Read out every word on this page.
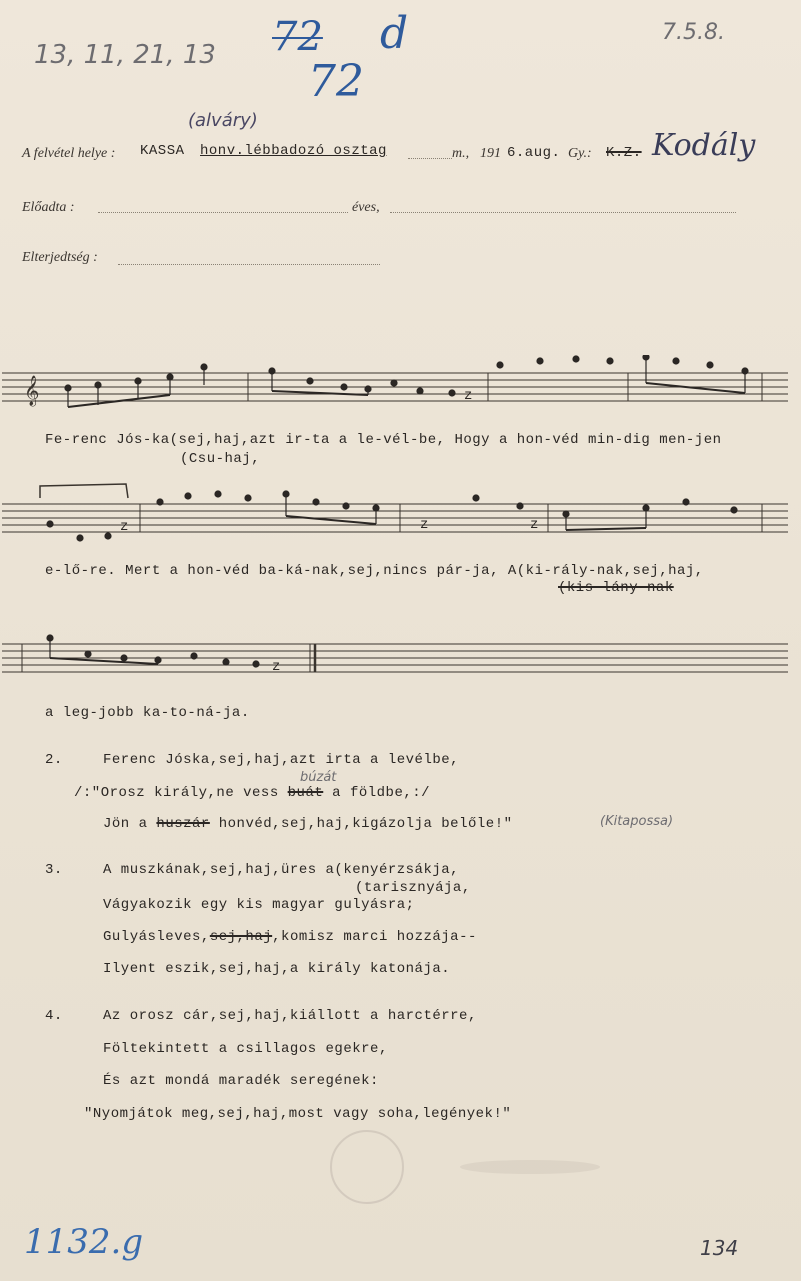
13, 11, 21, 13 72 d
72
7.5.8.
A felvétel helye : KASSA
(alváry)
honv.lébbadozó osztag	m., 191 6.aug. Gy.: K.Z. Kodály
Előadta :	éves,
Elterjedtség :
𝄞	z
Fe-renc Jós-ka(sej,haj,azt ir-ta a le-vél-be, Hogy a hon-véd min-dig men-jen
(Csu-haj,
z	z	z
e-lő-re. Mert a hon-véd ba-ká-nak,sej,nincs pár-ja, A(ki-rály-nak,sej,haj,
(kis lány-nak
z
a leg-jobb ka-to-ná-ja.
2.	Ferenc Jóska,sej,haj,azt irta a levélbe,
búzát
/:"Orosz király,ne vess buát a földbe,:/
Jön a huszár honvéd,sej,haj,kigázolja belőle!"	(Kitapossa)
3.	A muszkának,sej,haj,üres a(kenyérzsákja,
(tarisznyája,
Vágyakozik egy kis magyar gulyásra;
Gulyásleves,sej,haj,komisz marci hozzája--
Ilyent eszik,sej,haj,a király katonája.
4.	Az orosz cár,sej,haj,kiállott a harctérre,
Föltekintett a csillagos egekre,
És azt mondá maradék seregének:
"Nyomjátok meg,sej,haj,most vagy soha,legények!"
1132.g	134
